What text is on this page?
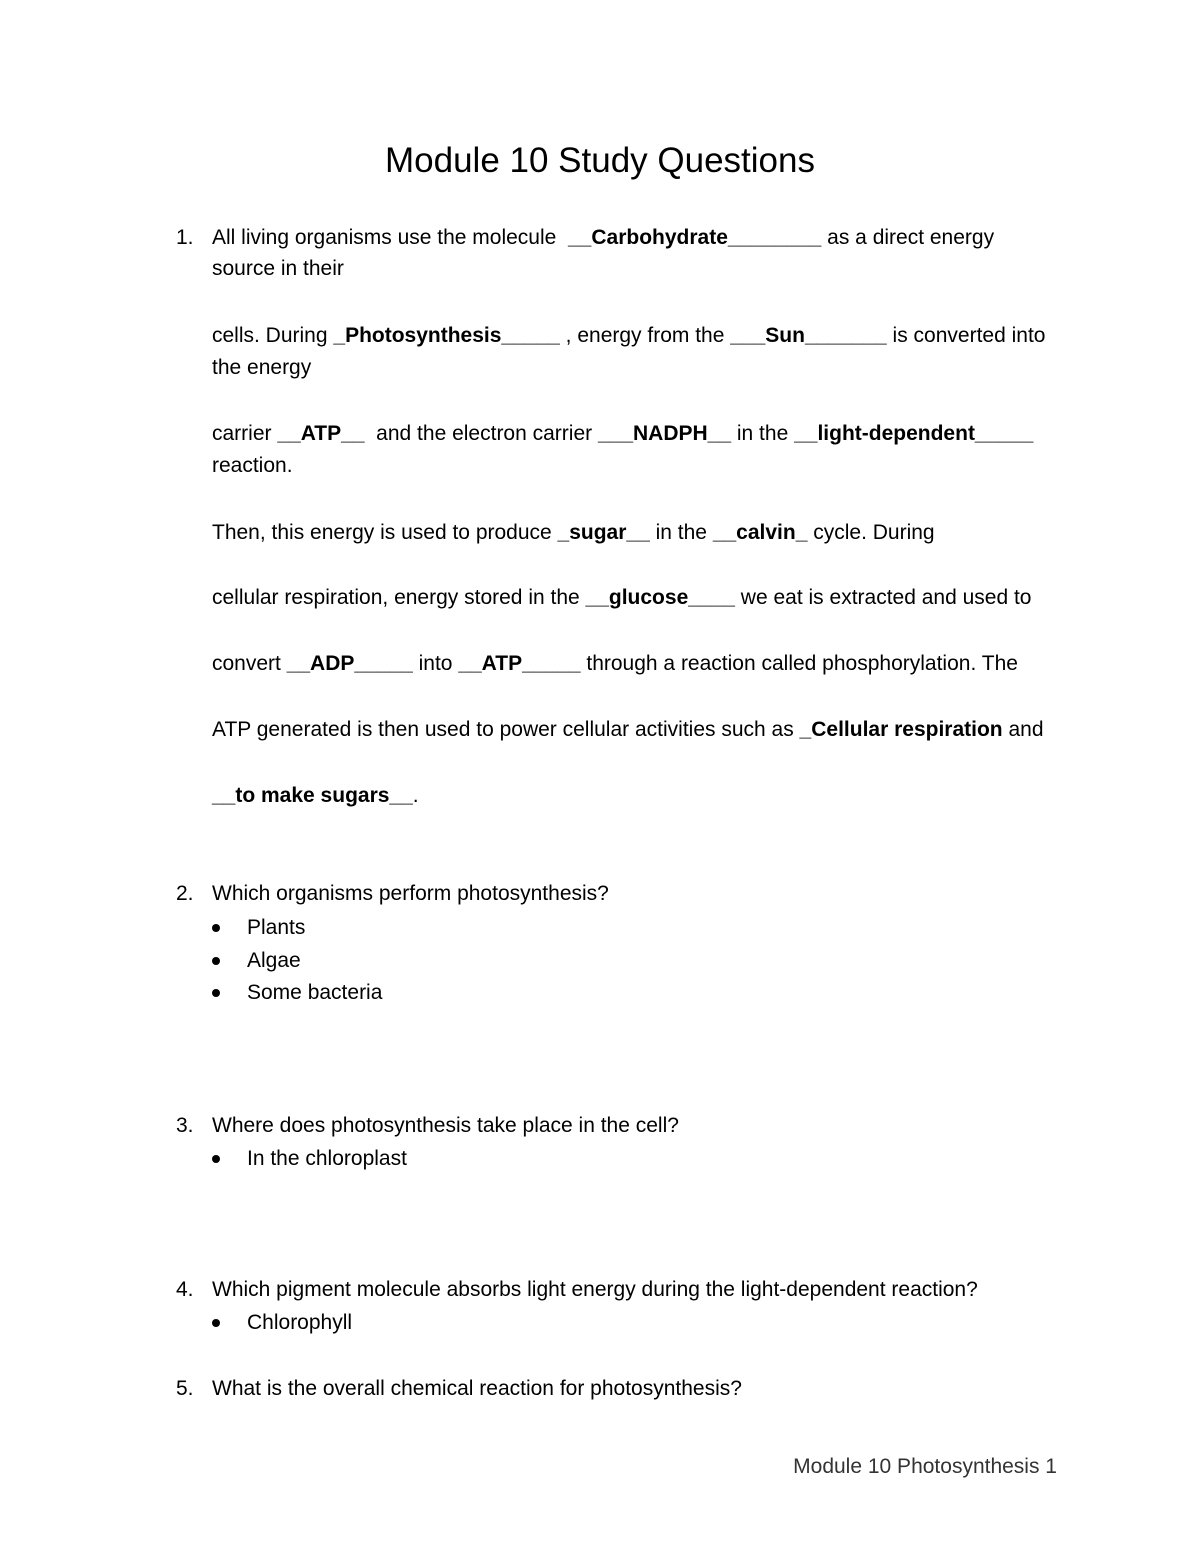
Module 10 Study Questions
1. All living organisms use the molecule   __Carbohydrate________  as a direct energy
source in their
cells. During  _Photosynthesis_____  , energy from the  ___Sun_______  is converted into
the energy
carrier  __ATP__   and the electron carrier  ___NADPH__  in the  __light-dependent_____
reaction.
Then, this energy is used to produce  _sugar__  in the  __calvin_  cycle. During
cellular respiration, energy stored in the  __glucose____  we eat is extracted and used to
convert  __ADP_____  into  __ATP_____  through a reaction called phosphorylation. The
ATP generated is then used to power cellular activities such as  _Cellular respiration  and
__to make sugars__ .
2. Which organisms perform photosynthesis?
Plants
Algae
Some bacteria
3. Where does photosynthesis take place in the cell?
In the chloroplast
4. Which pigment molecule absorbs light energy during the light-dependent reaction?
Chlorophyll
5. What is the overall chemical reaction for photosynthesis?
Module 10 Photosynthesis 1
